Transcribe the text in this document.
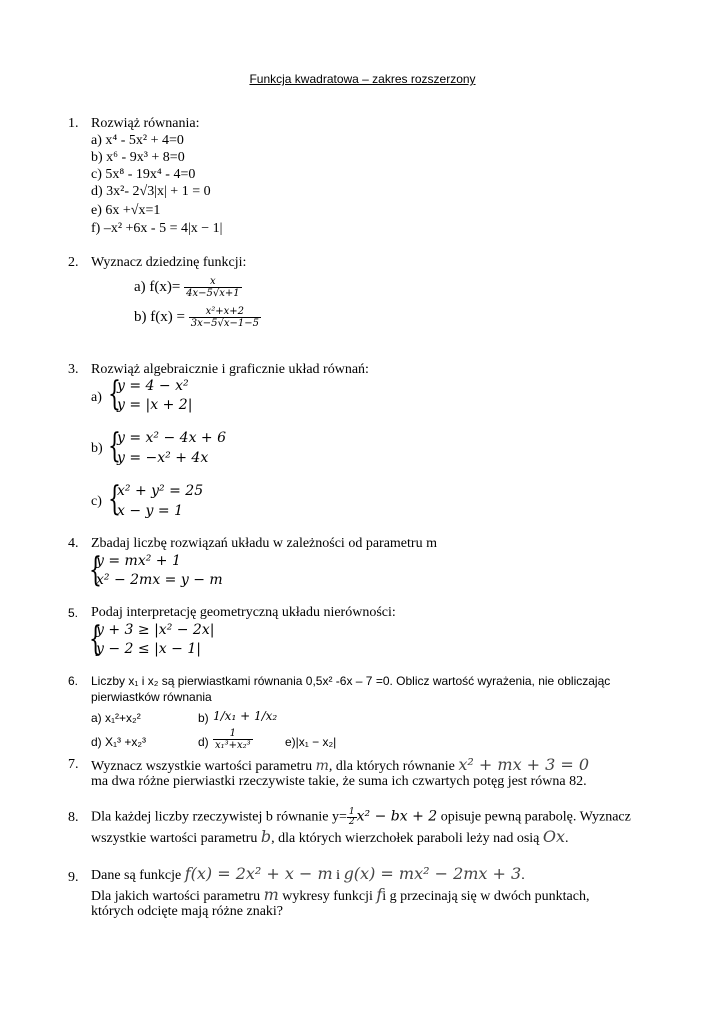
Funkcja kwadratowa – zakres rozszerzony
1. Rozwiąż równania:
a) x⁴ - 5x² + 4=0
b) x⁶ - 9x³ + 8=0
c) 5x⁸ - 19x⁴ - 4=0
d) 3x²- 2√3|x| + 1 = 0
e) 6x +√x=1
f) –x² +6x - 5 = 4|x − 1|
2. Wyznacz dziedzinę funkcji:
a) $f(x)= \frac{x}{4x-5√x+1}$
b) $f(x) = \frac{\text{x²+x+2}}{3x-5√x-1-5}$
3. Rozwiąż algebraicznie i graficznie układ równań:
a) {
y = 4 − x²
y = |x + 2|
b) {
y = x² − 4x + 6
y = −x² + 4x
c) {
x² + y² = 25
x − y = 1
4. Zbadaj liczbę rozwiązań układu w zależności od parametru m
{
y = mx² + 1
x² − 2mx = y − m
5. Podaj interpretację geometryczną układu nierówności:
{
y + 3 ≥ |x² − 2x|
y − 2 ≤ |x − 1|
6. Liczby x₁ i x₂ są pierwiastkami równania 0,5x² -6x – 7 =0. Oblicz wartość wyrażenia, nie obliczając
pierwiastków równania
a) x₁²+x₂²	b) 1/x₁ + 1/x₂
d) X₁³ +x₂³	$d) \frac{1}{\text{x₁³+x₂³}}$	e)|x₁ − x₂|
7. Wyznacz wszystkie wartości parametru m, dla których równanie x² + mx + 3 = 0
ma dwa różne pierwiastki rzeczywiste takie, że suma ich czwartych potęg jest równa 82.
8. Dla każdej liczby rzeczywistej b równanie $y= \frac{1}{2} x^2$ − bx + 2 opisuje pewną parabolę. Wyznacz
wszystkie wartości parametru b, dla których wierzchołek paraboli leży nad osią Ox.
9. Dane są funkcje f(x) = 2x² + x − m i g(x) = mx² − 2mx + 3.
Dla jakich wartości parametru m wykresy funkcji fi g przecinają się w dwóch punktach,
których odcięte mają różne znaki?
